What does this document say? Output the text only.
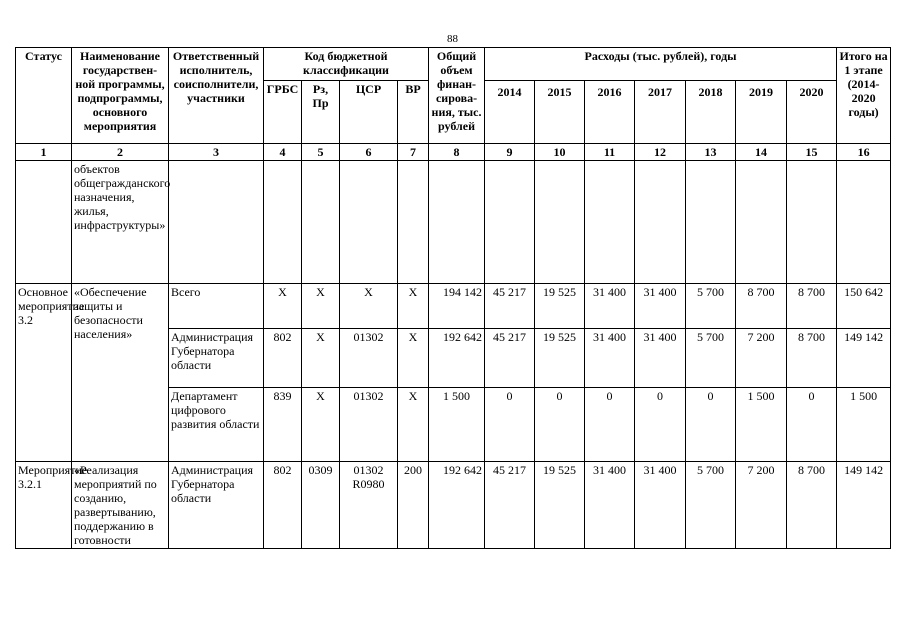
88
Статус	Наименование государствен-ной программы, подпрограммы, основного мероприятия	Ответственный исполнитель, соисполнители, участники	Код бюджетной классификации				Общий объем финан-сирова-ния, тыс. рублей	Расходы (тыс. рублей), годы							Итого на 1 этапе (2014-2020 годы)
			ГРБС	Рз, Пр	ЦСР	ВР		2014	2015	2016	2017	2018	2019	2020	
1	2	3	4	5	6	7	8	9	10	11	12	13	14	15	16
	объектов общегражданского назначения, жилья, инфраструктуры»														
Основное мероприятие 3.2	«Обеспечение защиты и безопасности населения»	Всего	Х	Х	Х	Х	194 142	45 217	19 525	31 400	31 400	5 700	8 700	8 700	150 642
		Администрация Губернатора области	802	Х	01302	Х	192 642	45 217	19 525	31 400	31 400	5 700	7 200	8 700	149 142
		Департамент цифрового развития области	839	Х	01302	Х	1 500	0	0	0	0	0	1 500	0	1 500
Мероприятие 3.2.1	«Реализация мероприятий по созданию, развертыванию, поддержанию в готовности	Администрация Губернатора области	802	0309	01302 R0980	200	192 642	45 217	19 525	31 400	31 400	5 700	7 200	8 700	149 142
